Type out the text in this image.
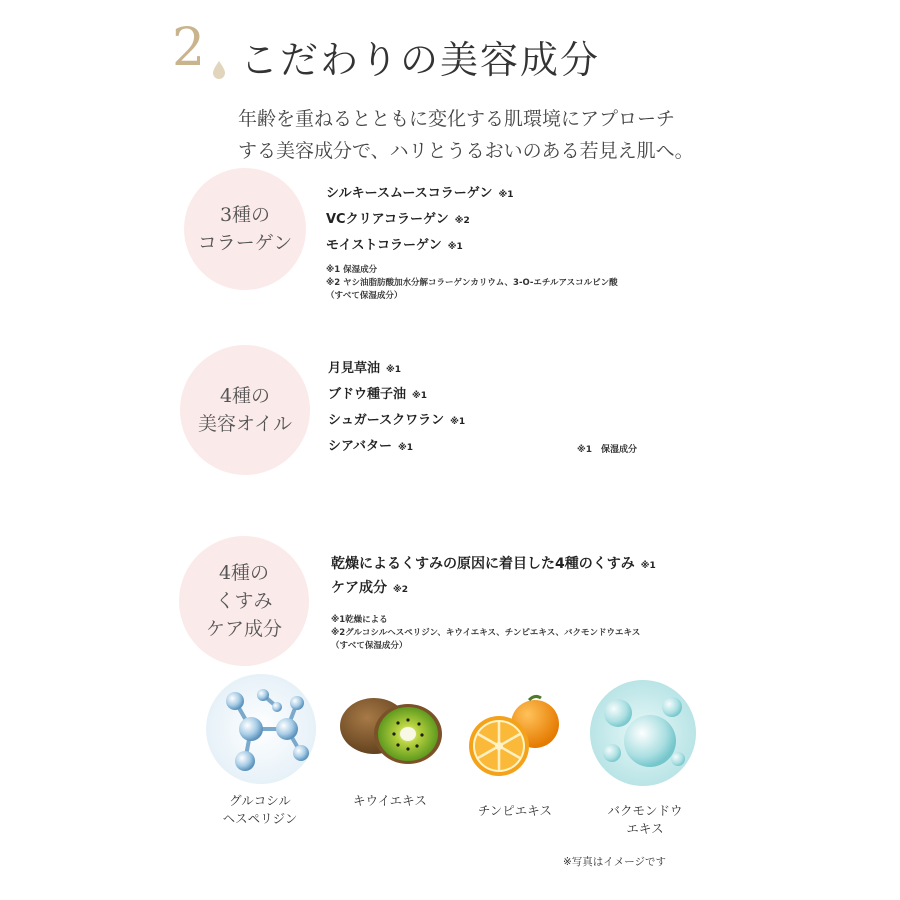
2 こだわりの美容成分
年齢を重ねるとともに変化する肌環境にアプローチ
する美容成分で、ハリとうるおいのある若見え肌へ。
3種の
コラーゲン
シルキースムースコラーゲン ※1
VCクリアコラーゲン ※2
モイストコラーゲン ※1
※1 保湿成分
※2 ヤシ油脂肪酸加水分解コラーゲンカリウム、3-O-エチルアスコルビン酸
（すべて保湿成分）
4種の
美容オイル
月見草油 ※1
ブドウ種子油 ※1
シュガースクワラン ※1
シアバター ※1	※1　保湿成分
4種の
くすみ
ケア成分
乾燥によるくすみの原因に着目した4種のくすみ ※1
ケア成分 ※2
※1乾燥による
※2グルコシルヘスペリジン、キウイエキス、チンピエキス、バクモンドウエキス
（すべて保湿成分）
グルコシル
ヘスペリジン
キウイエキス
チンピエキス	バクモンドウ
エキス
※写真はイメージです
